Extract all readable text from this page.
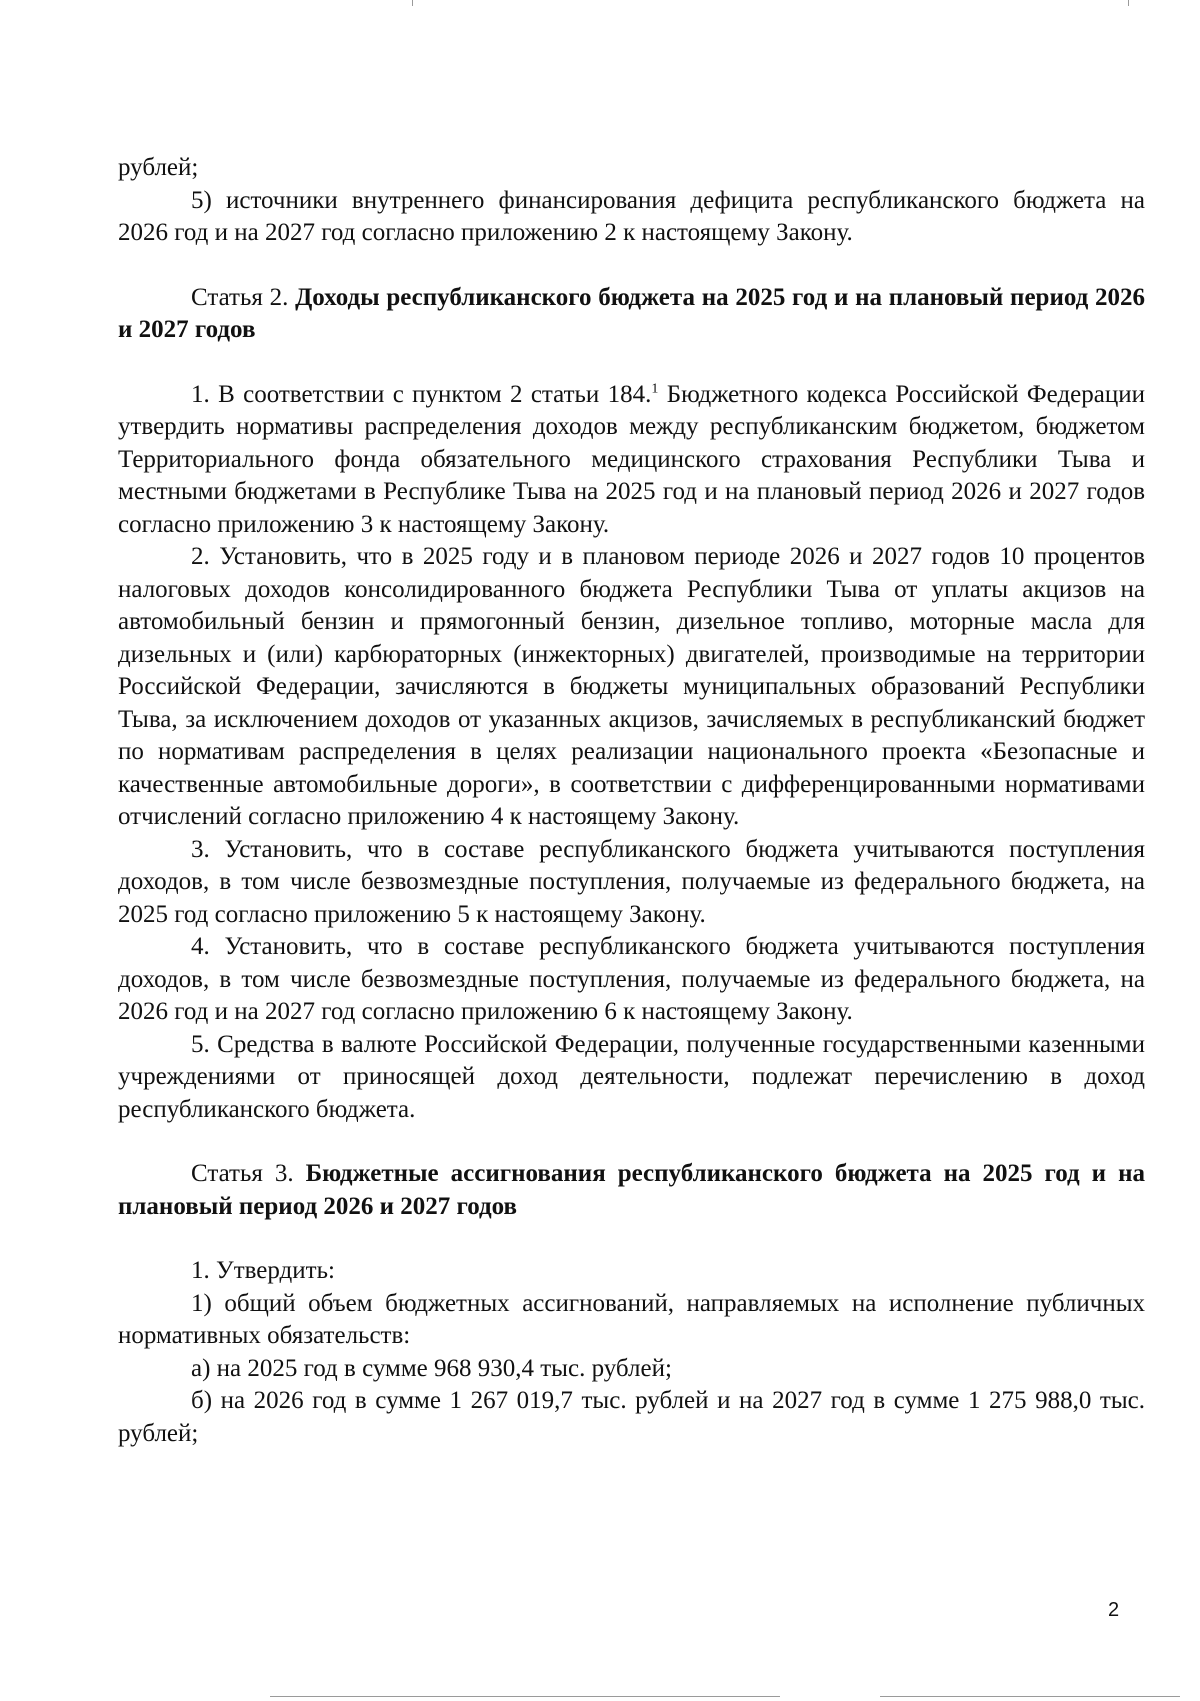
рублей;

5) источники внутреннего финансирования дефицита республиканского бюджета на 2026 год и на 2027 год согласно приложению 2 к настоящему Закону.

Статья 2. Доходы республиканского бюджета на 2025 год и на плановый период 2026 и 2027 годов

1. В соответствии с пунктом 2 статьи 184.$^1$ Бюджетного кодекса Российской Федерации утвердить нормативы распределения доходов между республиканским бюджетом, бюджетом Территориального фонда обязательного медицинского страхования Республики Тыва и местными бюджетами в Республике Тыва на 2025 год и на плановый период 2026 и 2027 годов согласно приложению 3 к настоящему Закону.

2. Установить, что в 2025 году и в плановом периоде 2026 и 2027 годов 10 процентов налоговых доходов консолидированного бюджета Республики Тыва от уплаты акцизов на автомобильный бензин и прямогонный бензин, дизельное топливо, моторные масла для дизельных и (или) карбюраторных (инжекторных) двигателей, производимые на территории Российской Федерации, зачисляются в бюджеты муниципальных образований Республики Тыва, за исключением доходов от указанных акцизов, зачисляемых в республиканский бюджет по нормативам распределения в целях реализации национального проекта «Безопасные и качественные автомобильные дороги», в соответствии с дифференцированными нормативами отчислений согласно приложению 4 к настоящему Закону.

3. Установить, что в составе республиканского бюджета учитываются поступления доходов, в том числе безвозмездные поступления, получаемые из федерального бюджета, на 2025 год согласно приложению 5 к настоящему Закону.

4. Установить, что в составе республиканского бюджета учитываются поступления доходов, в том числе безвозмездные поступления, получаемые из федерального бюджета, на 2026 год и на 2027 год согласно приложению 6 к настоящему Закону.

5. Средства в валюте Российской Федерации, полученные государственными казенными учреждениями от приносящей доход деятельности, подлежат перечислению в доход республиканского бюджета.

Статья 3. Бюджетные ассигнования республиканского бюджета на 2025 год и на плановый период 2026 и 2027 годов

1. Утвердить:

1) общий объем бюджетных ассигнований, направляемых на исполнение публичных нормативных обязательств:

а) на 2025 год в сумме 968 930,4 тыс. рублей;

б) на 2026 год в сумме 1 267 019,7 тыс. рублей и на 2027 год в сумме 1 275 988,0 тыс. рублей;

2
